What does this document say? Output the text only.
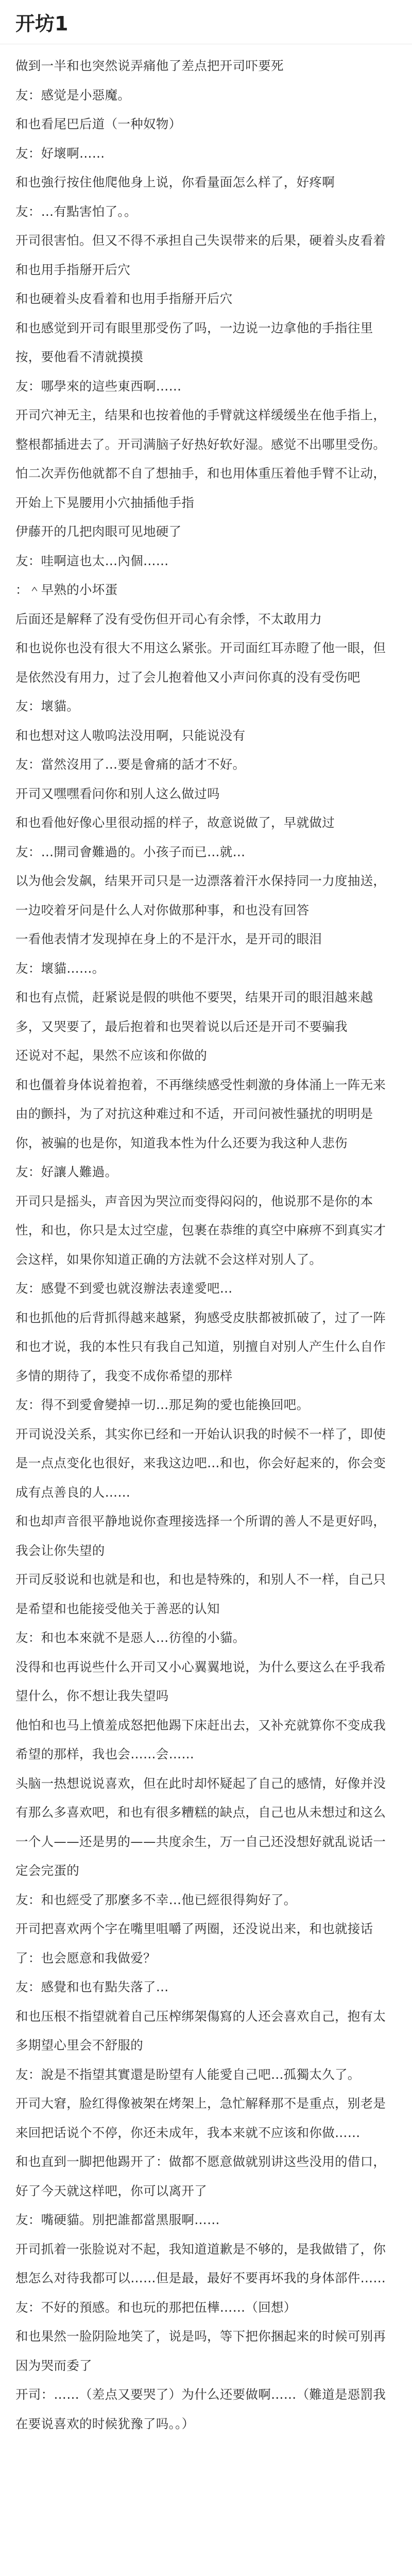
开坊1

做到一半和也突然说弄痛他了差点把开司吓要死

友：感觉是小惡魔。

和也看尾巴后道（一种奴物）

友：好壞啊……

和也強行按住他爬他身上说，你看量面怎么样了，好疼啊

友：…有點害怕了。。

开司很害怕。但又不得不承担自己失误带来的后果，硬着头皮看着和也用手指掰开后穴

和也硬着头皮看着和也用手指掰开后穴

和也感觉到开司有眼里那受伤了吗，一边说一边拿他的手指往里按，要他看不清就摸摸

友：哪學來的這些東西啊……

开司穴神无主，结果和也按着他的手臂就这样缓缓坐在他手指上，整根都插进去了。开司满脑子好热好软好湿。感觉不出哪里受伤。怕二次弄伤他就都不自了想抽手，和也用体重压着他手臂不让动，开始上下晃腰用小穴抽插他手指

伊藤开的几把肉眼可见地硬了

友：哇啊這也太…內個……

：＾早熟的小坏蛋

后面还是解释了没有受伤但开司心有余悸，不太敢用力

和也说你也没有很大不用这么紧张。开司面红耳赤瞪了他一眼，但是依然没有用力，过了会儿抱着他又小声问你真的没有受伤吧

友：壞貓。

和也想对这人嗷呜法没用啊，只能说没有

友：當然沒用了…要是會痛的話才不好。

开司又嘿嘿看问你和别人这么做过吗

和也看他好像心里很动摇的样子，故意说做了，早就做过

友：…開司會難過的。小孩子而已…就…

以为他会发飙，结果开司只是一边漂落着汗水保持同一力度抽送，一边咬着牙问是什么人对你做那种事，和也没有回答

一看他表情才发现掉在身上的不是汗水，是开司的眼泪

友：壞貓……。

和也有点慌，赶紧说是假的哄他不要哭，结果开司的眼泪越来越多，又哭要了，最后抱着和也哭着说以后还是开司不要骗我

还说对不起，果然不应该和你做的

和也僵着身体说着抱着，不再继续感受性刺激的身体涌上一阵无来由的颤抖，为了对抗这种难过和不适，开司问被性骚扰的明明是你，被骗的也是你，知道我本性为什么还要为我这种人悲伤

友：好讓人難過。

开司只是摇头，声音因为哭泣而变得闷闷的，他说那不是你的本性，和也，你只是太过空虚，包裹在恭维的真空中麻痹不到真实才会这样，如果你知道正确的方法就不会这样对别人了。

友：感覺不到愛也就沒辦法表達愛吧…

和也抓他的后背抓得越来越紧，狗感受皮肤都被抓破了，过了一阵和也才说，我的本性只有我自己知道，别擅自对别人产生什么自作多情的期待了，我变不成你希望的那样

友：得不到愛會變掉一切…那足夠的愛也能換回吧。

开司说没关系，其实你已经和一开始认识我的时候不一样了，即使是一点点变化也很好，来我这边吧…和也，你会好起来的，你会变成有点善良的人……

和也却声音很平静地说你查理接选择一个所谓的善人不是更好吗，我会让你失望的

开司反驳说和也就是和也，和也是特殊的，和别人不一样，自己只是希望和也能接受他关于善恶的认知

友：和也本來就不是惡人…彷徨的小貓。

没得和也再说些什么开司又小心翼翼地说，为什么要这么在乎我希望什么，你不想让我失望吗

他怕和也马上憤羞成怒把他踢下床赶出去，又补充就算你不变成我希望的那样，我也会……会……

头脑一热想说说喜欢，但在此时却怀疑起了自己的感情，好像并没有那么多喜欢吧，和也有很多糟糕的缺点，自己也从未想过和这么一个人——还是男的——共度余生，万一自己还没想好就乱说话一定会完蛋的

友：和也經受了那麼多不幸…他已經很得夠好了。

开司把喜欢两个字在嘴里咀嚼了两圈，还没说出来，和也就接话了：也会愿意和我做爱？

友：感覺和也有點失落了…

和也压根不指望就着自己压榨绑架傷寫的人还会喜欢自己，抱有太多期望心里会不舒服的

友：說是不指望其實還是盼望有人能愛自己吧…孤獨太久了。

开司大窘，脸红得像被架在烤架上，急忙解释那不是重点，别老是来回把话说个不停，你还未成年，我本来就不应该和你做……

和也直到一脚把他踢开了：做都不愿意做就别讲这些没用的借口，好了今天就这样吧，你可以离开了

友：嘴硬貓。別把誰都當黑服啊……

开司抓着一张脸说对不起，我知道道歉是不够的，是我做错了，你想怎么对待我都可以……但是最，最好不要再坏我的身体部件……

友：不好的預感。和也玩的那把伍樺……（回想）

和也果然一脸阴险地笑了，说是吗，等下把你捆起来的时候可别再因为哭而委了

开司：……（差点又要哭了）为什么还要做啊……（難道是惡罰我在要说喜欢的时候犹豫了吗。。）
